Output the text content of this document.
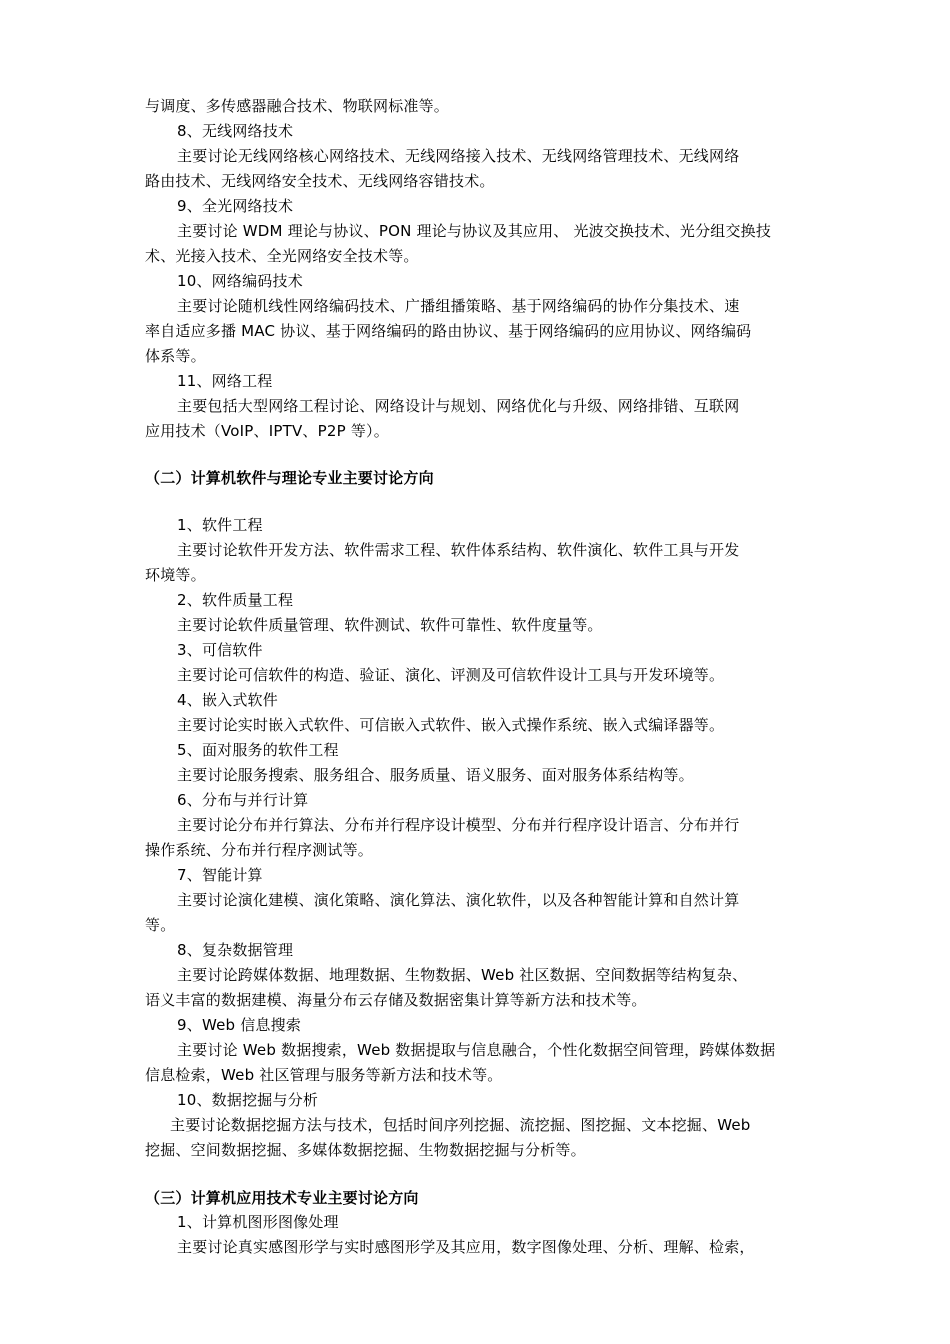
与调度、多传感器融合技术、物联网标准等。
8、无线网络技术
主要讨论无线网络核心网络技术、无线网络接入技术、无线网络管理技术、无线网络
路由技术、无线网络安全技术、无线网络容错技术。
9、全光网络技术
主要讨论 WDM 理论与协议、PON 理论与协议及其应用、 光波交换技术、光分组交换技
术、光接入技术、全光网络安全技术等。
10、网络编码技术
主要讨论随机线性网络编码技术、广播组播策略、基于网络编码的协作分集技术、速
率自适应多播 MAC 协议、基于网络编码的路由协议、基于网络编码的应用协议、网络编码
体系等。
11、网络工程
主要包括大型网络工程讨论、网络设计与规划、网络优化与升级、网络排错、互联网
应用技术（VoIP、IPTV、P2P 等）。
（二）计算机软件与理论专业主要讨论方向
1、软件工程
主要讨论软件开发方法、软件需求工程、软件体系结构、软件演化、软件工具与开发
环境等。
2、软件质量工程
主要讨论软件质量管理、软件测试、软件可靠性、软件度量等。
3、可信软件
主要讨论可信软件的构造、验证、演化、评测及可信软件设计工具与开发环境等。
4、嵌入式软件
主要讨论实时嵌入式软件、可信嵌入式软件、嵌入式操作系统、嵌入式编译器等。
5、面对服务的软件工程
主要讨论服务搜索、服务组合、服务质量、语义服务、面对服务体系结构等。
6、分布与并行计算
主要讨论分布并行算法、分布并行程序设计模型、分布并行程序设计语言、分布并行
操作系统、分布并行程序测试等。
7、智能计算
主要讨论演化建模、演化策略、演化算法、演化软件，以及各种智能计算和自然计算
等。
8、复杂数据管理
主要讨论跨媒体数据、地理数据、生物数据、Web 社区数据、空间数据等结构复杂、
语义丰富的数据建模、海量分布云存储及数据密集计算等新方法和技术等。
9、Web 信息搜索
主要讨论 Web 数据搜索，Web 数据提取与信息融合，个性化数据空间管理，跨媒体数据
信息检索，Web 社区管理与服务等新方法和技术等。
10、数据挖掘与分析
主要讨论数据挖掘方法与技术，包括时间序列挖掘、流挖掘、图挖掘、文本挖掘、Web
挖掘、空间数据挖掘、多媒体数据挖掘、生物数据挖掘与分析等。
（三）计算机应用技术专业主要讨论方向
1、计算机图形图像处理
主要讨论真实感图形学与实时感图形学及其应用，数字图像处理、分析、理解、检索，
